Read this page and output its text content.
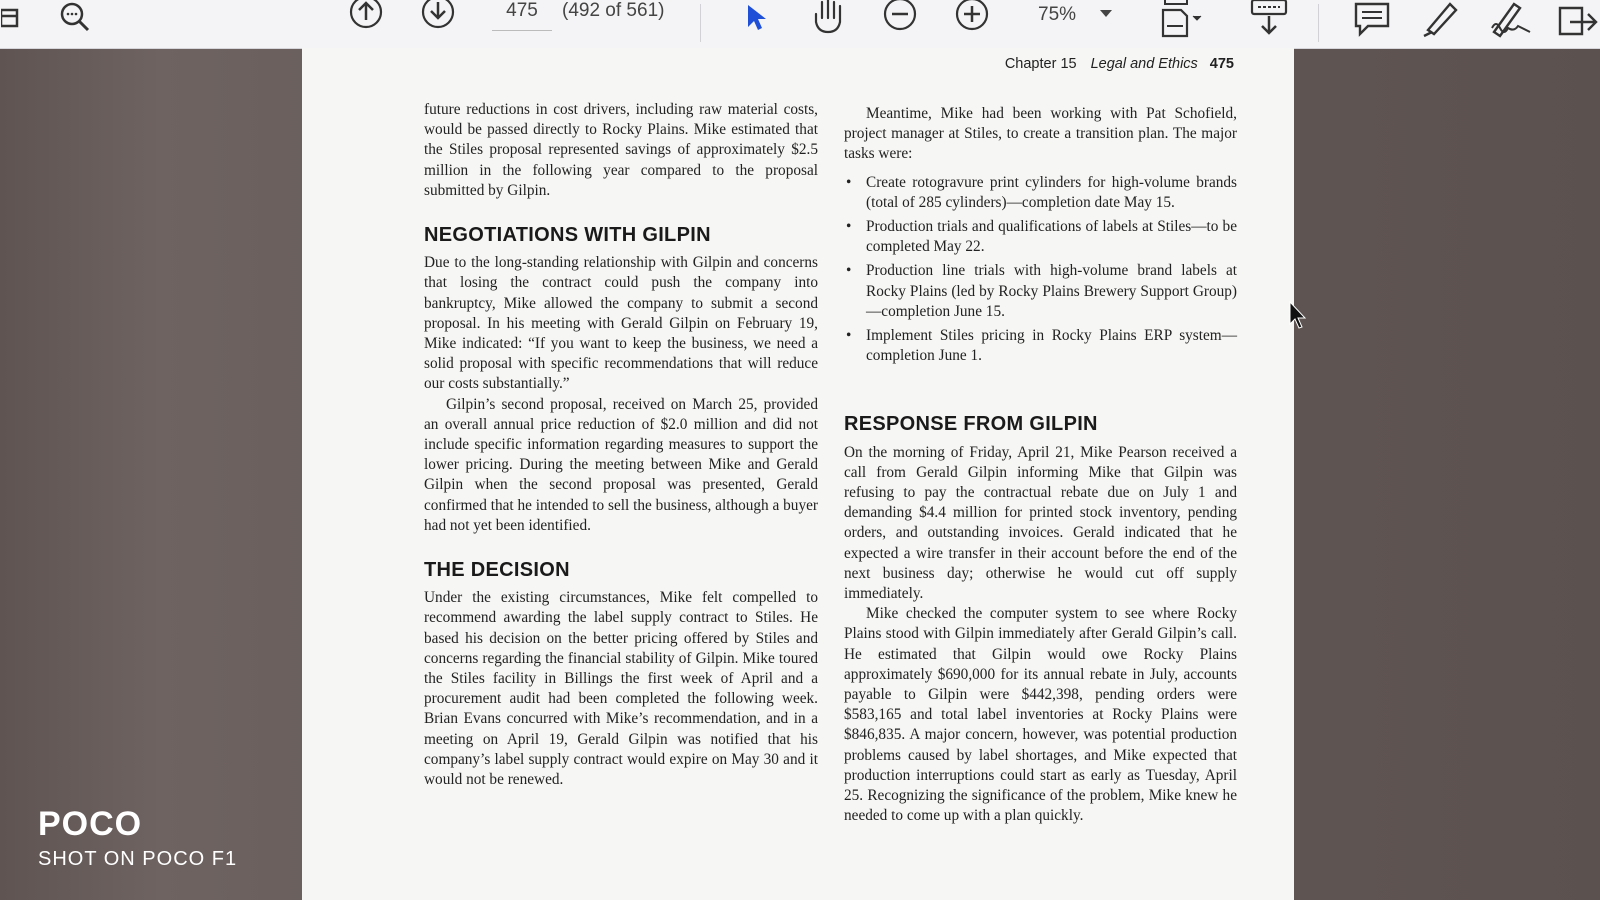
475	(492 of 561)	75%
Chapter 15 Legal and Ethics 475

future reductions in cost drivers, including raw material costs, would be passed directly to Rocky Plains. Mike estimated that the Stiles proposal represented savings of approximately $2.5 million in the following year compared to the proposal submitted by Gilpin.

NEGOTIATIONS WITH GILPIN

Due to the long-standing relationship with Gilpin and concerns that losing the contract could push the company into bankruptcy, Mike allowed the company to submit a second proposal. In his meeting with Gerald Gilpin on February 19, Mike indicated: “If you want to keep the business, we need a solid proposal with specific recommendations that will reduce our costs substantially.”

Gilpin’s second proposal, received on March 25, provided an overall annual price reduction of $2.0 million and did not include specific information regarding measures to support the lower pricing. During the meeting between Mike and Gerald Gilpin when the second proposal was presented, Gerald confirmed that he intended to sell the business, although a buyer had not yet been identified.

THE DECISION

Under the existing circumstances, Mike felt compelled to recommend awarding the label supply contract to Stiles. He based his decision on the better pricing offered by Stiles and concerns regarding the financial stability of Gilpin. Mike toured the Stiles facility in Billings the first week of April and a procurement audit had been completed the following week. Brian Evans concurred with Mike’s recommendation, and in a meeting on April 19, Gerald Gilpin was notified that his company’s label supply contract would expire on May 30 and it would not be renewed.

Meantime, Mike had been working with Pat Schofield, project manager at Stiles, to create a transition plan. The major tasks were:

• Create rotogravure print cylinders for high-volume brands (total of 285 cylinders)—completion date May 15.
• Production trials and qualifications of labels at Stiles—to be completed May 22.
• Production line trials with high-volume brand labels at Rocky Plains (led by Rocky Plains Brewery Support Group)—completion June 15.
• Implement Stiles pricing in Rocky Plains ERP system—completion June 1.
RESPONSE FROM GILPIN

On the morning of Friday, April 21, Mike Pearson received a call from Gerald Gilpin informing Mike that Gilpin was refusing to pay the contractual rebate due on July 1 and demanding $4.4 million for printed stock inventory, pending orders, and outstanding invoices. Gerald indicated that he expected a wire transfer in their account before the end of the next business day; otherwise he would cut off supply immediately.

Mike checked the computer system to see where Rocky Plains stood with Gilpin immediately after Gerald Gilpin’s call. He estimated that Gilpin would owe Rocky Plains approximately $690,000 for its annual rebate in July, accounts payable to Gilpin were $442,398, pending orders were $583,165 and total label inventories at Rocky Plains were $846,835. A major concern, however, was potential production problems caused by label shortages, and Mike expected that production interruptions could start as early as Tuesday, April 25. Recognizing the significance of the problem, Mike knew he needed to come up with a plan quickly.

POCO
SHOT ON POCO F1
